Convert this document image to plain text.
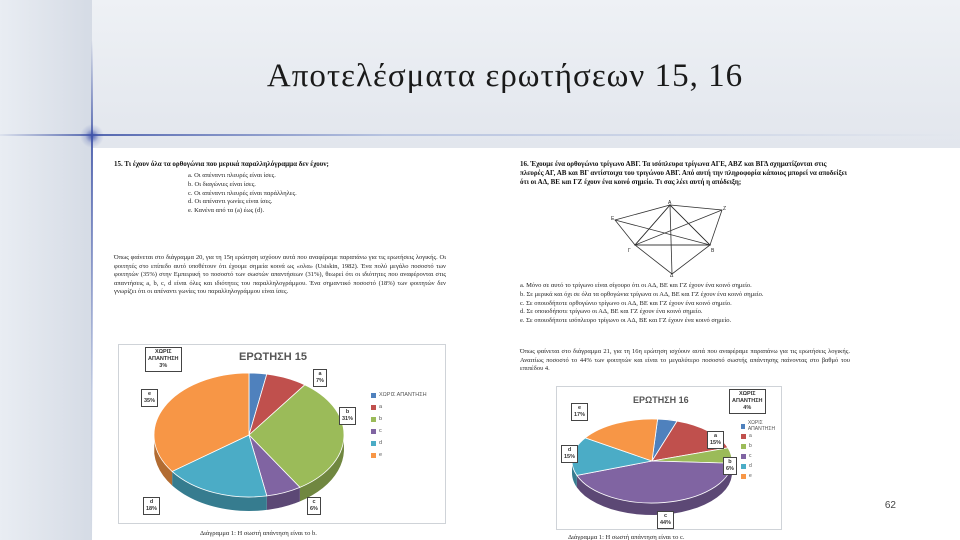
Αποτελέσματα ερωτήσεων 15, 16
15. Τι έχουν όλα τα ορθογώνια που μερικά παραλληλόγραμμα δεν έχουν;
a. Οι απέναντι πλευρές είναι ίσες.
b. Οι διαγώνιες είναι ίσες.
c. Οι απέναντι πλευρές είναι παράλληλες.
d. Οι απέναντι γωνίες είναι ίσες.
e. Κανένα από τα (a) έως (d).
Όπως φαίνεται στο διάγραμμα 20, για τη 15η ερώτηση ισχύουν αυτά που αναφέραμε παραπάνω για τις ερωτήσεις λογικής. Οι φοιτητές στο επίπεδο αυτό υποθέτουν ότι έχουμε σημεία κοινά ως «ολα» (Usiskin, 1982). Ένα πολύ μεγάλο ποσοστό των φοιτητών (35%) στην Εμπειρική το ποσοστό των σωστών απαντήσεων (31%), θεωρεί ότι οι ιδιότητες που αναφέρονται στις απαντήσεις a, b, c, d είναι όλες και ιδιότητες του παραλληλογράμμου. Ένα σημαντικό ποσοστό (18%) των φοιτητών δεν γνωρίζει ότι οι απέναντι γωνίες του παραλληλογράμμου είναι ίσες.
ΕΡΩΤΗΣΗ 15
ΧΩΡΙΣ ΑΠΑΝΤΗΣΗ
a
b
c
d
e
ΧΩΡΙΣ
ΑΠΑΝΤΗΣΗ
3%
a
7%
b
31%
c
6%
d
18%
e
35%
Διάγραμμα 1: Η σωστή απάντηση είναι το b.
16. Έχουμε ένα ορθογώνιο τρίγωνο ΑΒΓ. Τα ισόπλευρα τρίγωνα ΑΓΕ, ΑΒΖ και ΒΓΔ σχηματίζονται στις πλευρές ΑΓ, ΑΒ και ΒΓ αντίστοιχα του τριγώνου ΑΒΓ. Από αυτή την πληροφορία κάποιος μπορεί να αποδείξει ότι οι ΑΔ, ΒΕ και ΓΖ έχουν ένα κοινό σημείο. Τι σας λέει αυτή η απόδειξη;
A
B
Γ
Δ
Ε
Ζ
a. Μόνο σε αυτό το τρίγωνο είναι σίγουρο ότι οι ΑΔ, ΒΕ και ΓΖ έχουν ένα κοινό σημείο.
b. Σε μερικά και όχι σε όλα τα ορθογώνια τρίγωνα οι ΑΔ, ΒΕ και ΓΖ έχουν ένα κοινό σημείο.
c. Σε οποιοδήποτε ορθογώνιο τρίγωνο οι ΑΔ, ΒΕ και ΓΖ έχουν ένα κοινό σημείο.
d. Σε οποιοδήποτε τρίγωνο οι ΑΔ, ΒΕ και ΓΖ έχουν ένα κοινό σημείο.
e. Σε οποιοδήποτε ισόπλευρο τρίγωνο οι ΑΔ, ΒΕ και ΓΖ έχουν ένα κοινό σημείο.
Όπως φαίνεται στο διάγραμμα 21, για τη 16η ερώτηση ισχύουν αυτά που αναφέραμε παραπάνω για τις ερωτήσεις λογικής. Αναιτίως ποσοστό το 44% των φοιτητών και είναι το μεγαλύτερο ποσοστό σωστής απάντησης παίνοντας στο βαθμό του επιπέδου 4.
ΕΡΩΤΗΣΗ 16
ΧΩΡΙΣ ΑΠΑΝΤΗΣΗ
a
b
c
d
e
ΧΩΡΙΣ
ΑΠΑΝΤΗΣΗ
4%
a
15%
b
6%
c
44%
d
15%
e
17%
Διάγραμμα 1: Η σωστή απάντηση είναι το c.
62
